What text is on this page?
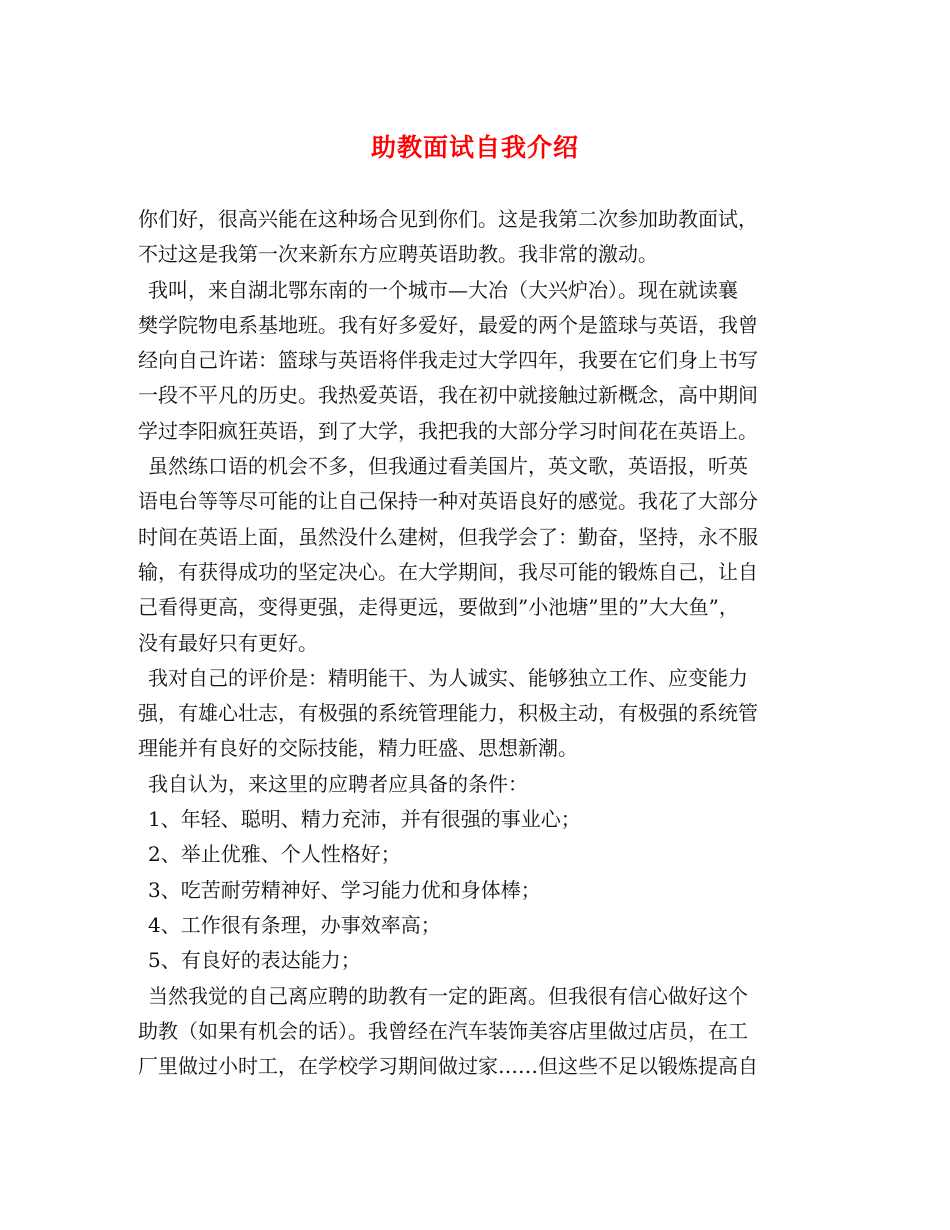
助教面试自我介绍
你们好，很高兴能在这种场合见到你们。这是我第二次参加助教面试，
不过这是我第一次来新东方应聘英语助教。我非常的激动。
我叫，来自湖北鄂东南的一个城市—大冶（大兴炉冶）。现在就读襄
樊学院物电系基地班。我有好多爱好，最爱的两个是篮球与英语，我曾
经向自己许诺：篮球与英语将伴我走过大学四年，我要在它们身上书写
一段不平凡的历史。我热爱英语，我在初中就接触过新概念，高中期间
学过李阳疯狂英语，到了大学，我把我的大部分学习时间花在英语上。
虽然练口语的机会不多，但我通过看美国片，英文歌，英语报，听英
语电台等等尽可能的让自己保持一种对英语良好的感觉。我花了大部分
时间在英语上面，虽然没什么建树，但我学会了：勤奋，坚持，永不服
输，有获得成功的坚定决心。在大学期间，我尽可能的锻炼自己，让自
己看得更高，变得更强，走得更远，要做到”小池塘”里的”大大鱼”，
没有最好只有更好。
我对自己的评价是：精明能干、为人诚实、能够独立工作、应变能力
强，有雄心壮志，有极强的系统管理能力，积极主动，有极强的系统管
理能并有良好的交际技能，精力旺盛、思想新潮。
我自认为，来这里的应聘者应具备的条件：
1、年轻、聪明、精力充沛，并有很强的事业心；
2、举止优雅、个人性格好；
3、吃苦耐劳精神好、学习能力优和身体棒；
4、工作很有条理，办事效率高；
5、有良好的表达能力；
当然我觉的自己离应聘的助教有一定的距离。但我很有信心做好这个
助教（如果有机会的话）。我曾经在汽车装饰美容店里做过店员，在工
厂里做过小时工，在学校学习期间做过家……但这些不足以锻炼提高自
